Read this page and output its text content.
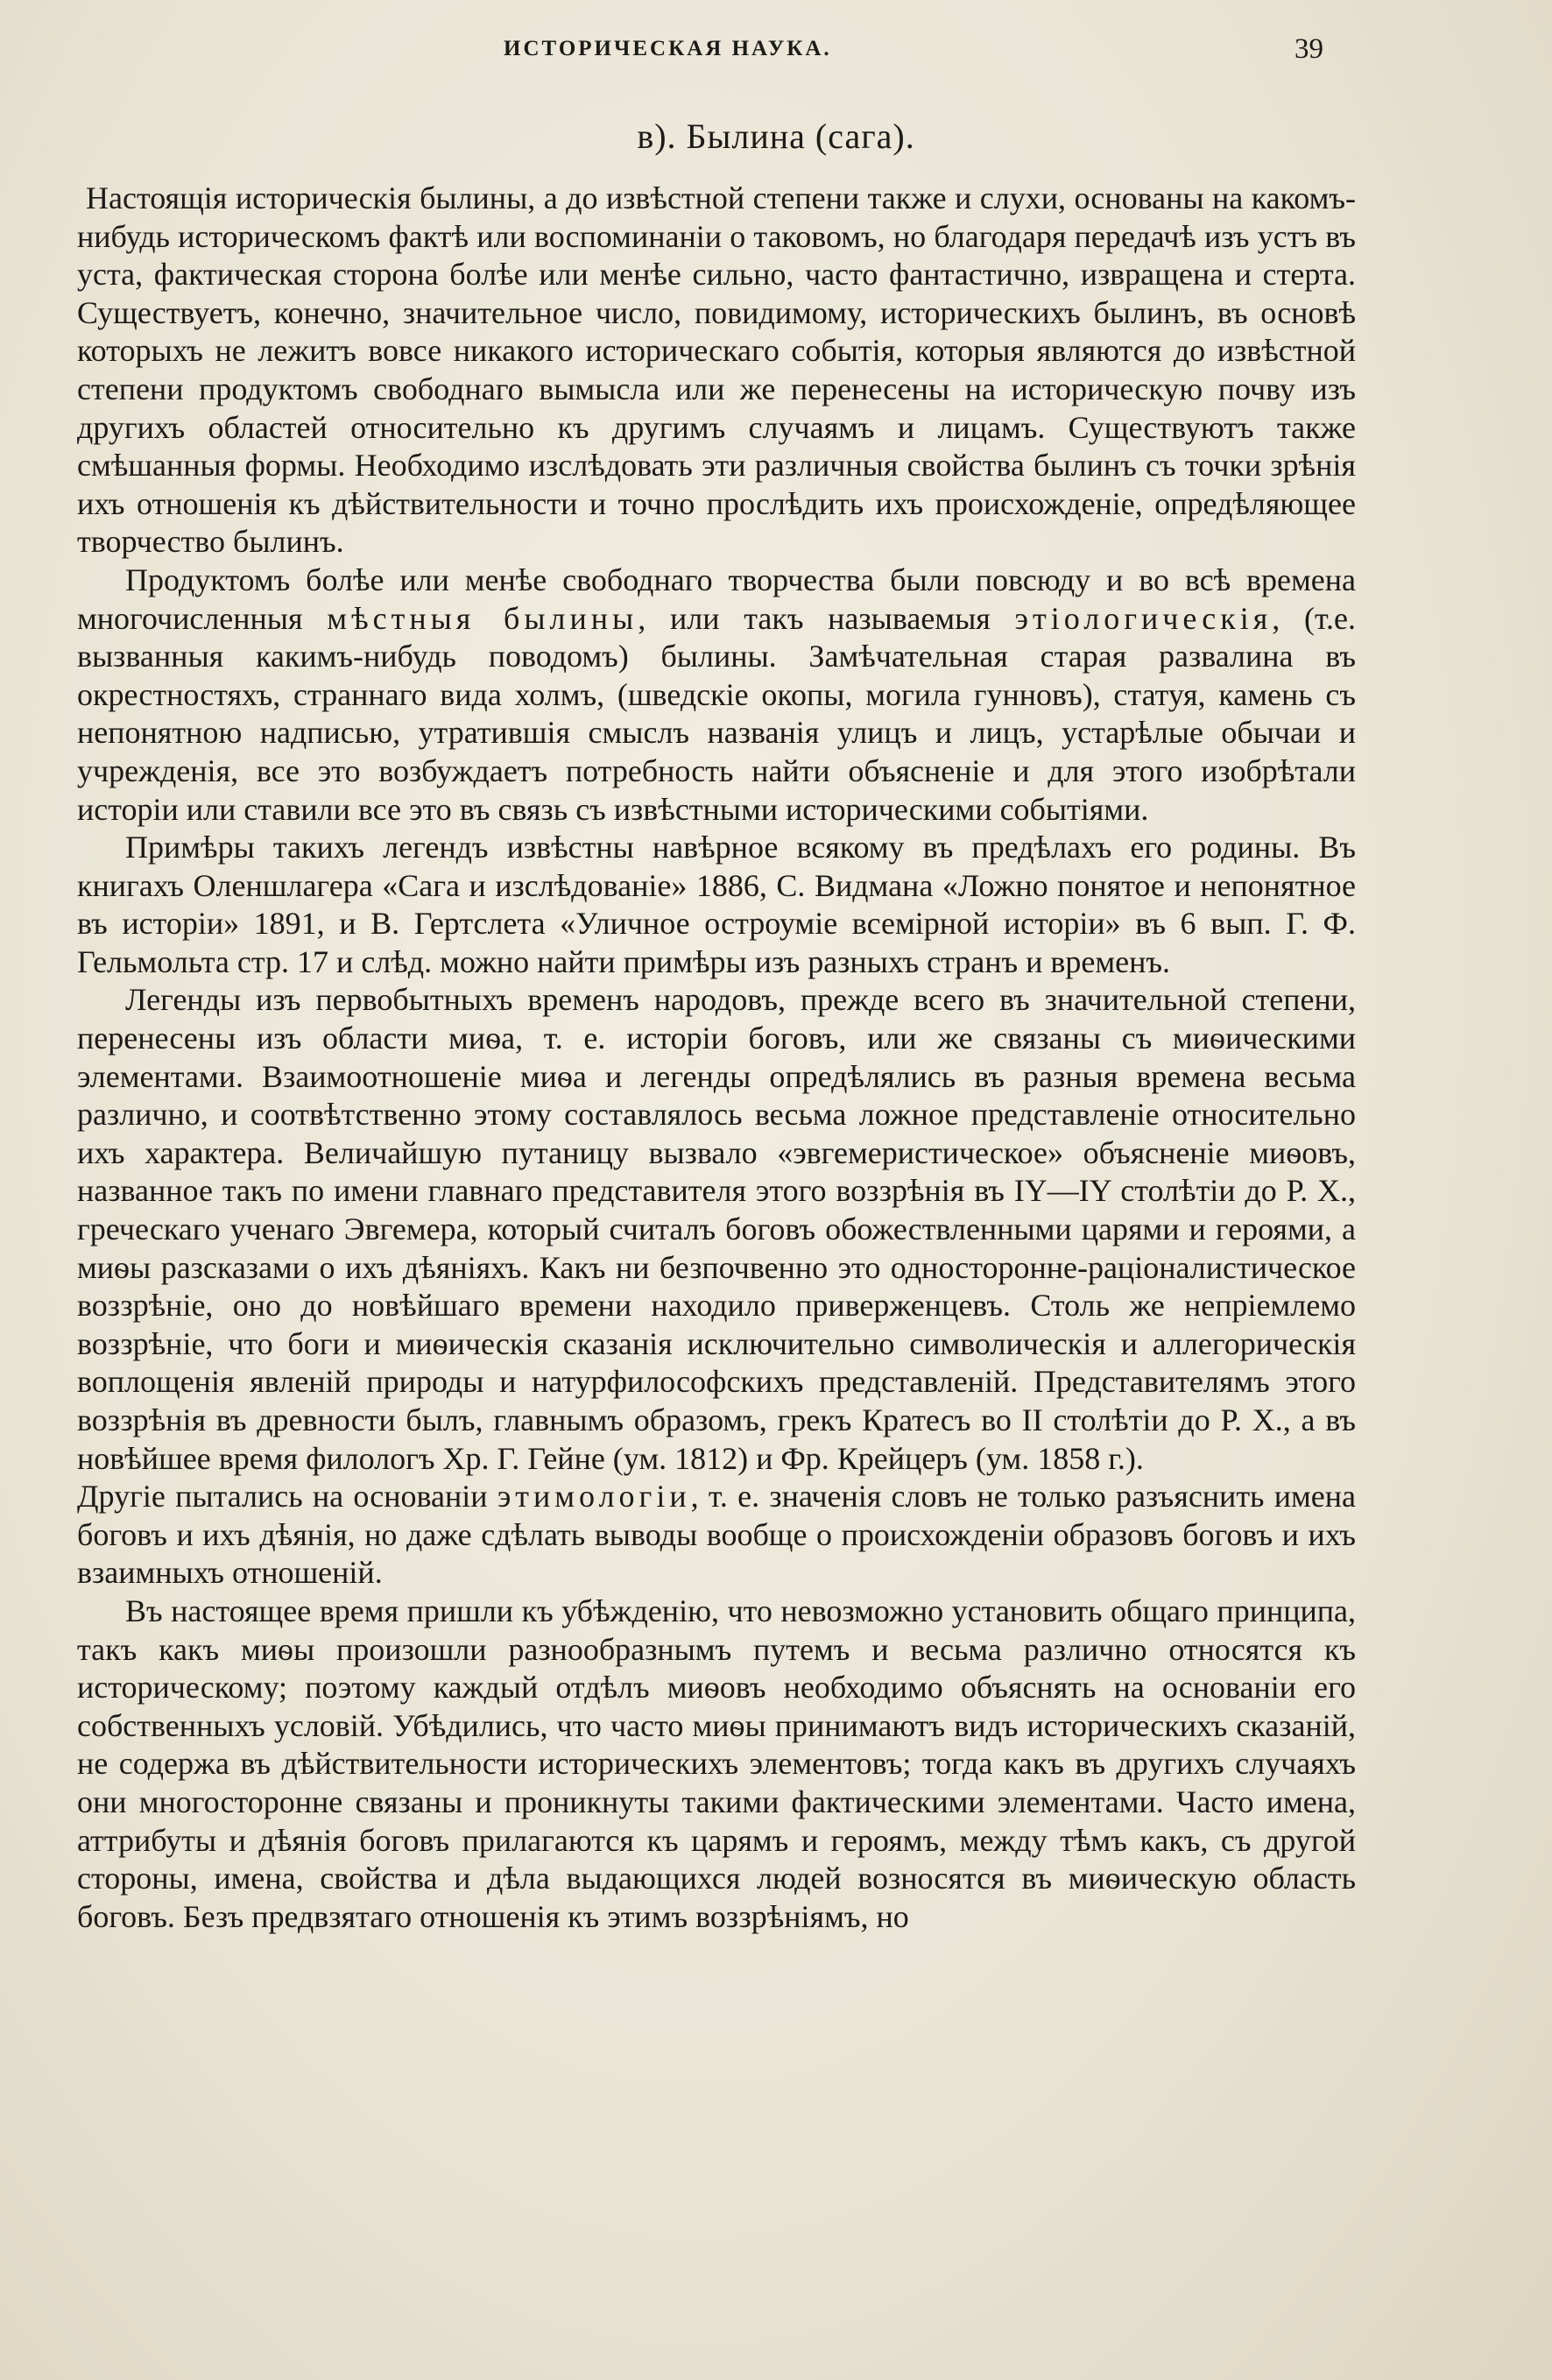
ИСТОРИЧЕСКАЯ НАУКА.	39
в). Былина (сага).

Настоящія историческія былины, а до извѣстной степени также и слухи, основаны на какомъ-нибудь историческомъ фактѣ или воспоминаніи о таковомъ, но благодаря передачѣ изъ устъ въ уста, фактическая сторона болѣе или менѣе сильно, часто фантастично, извращена и стерта. Существуетъ, конечно, значительное число, повидимому, историческихъ былинъ, въ основѣ которыхъ не лежитъ вовсе никакого историческаго событія, которыя являются до извѣстной степени продуктомъ свободнаго вымысла или же перенесены на историческую почву изъ другихъ областей относительно къ другимъ случаямъ и лицамъ. Существуютъ также смѣшанныя формы. Необходимо изслѣдовать эти различныя свойства былинъ съ точки зрѣнія ихъ отношенія къ дѣйствительности и точно прослѣдить ихъ происхожденіе, опредѣляющее творчество былинъ.

Продуктомъ болѣе или менѣе свободнаго творчества были повсюду и во всѣ времена многочисленныя мѣстныя былины, или такъ называемыя этіологическія, (т.е. вызванныя какимъ-нибудь поводомъ) былины. Замѣчательная старая развалина въ окрестностяхъ, страннаго вида холмъ, (шведскіе окопы, могила гунновъ), статуя, камень съ непонятною надписью, утратившія смыслъ названія улицъ и лицъ, устарѣлые обычаи и учрежденія, все это возбуждаетъ потребность найти объясненіе и для этого изобрѣтали исторіи или ставили все это въ связь съ извѣстными историческими событіями.

Примѣры такихъ легендъ извѣстны навѣрное всякому въ предѣлахъ его родины. Въ книгахъ Оленшлагера «Сага и изслѣдованіе» 1886, С. Видмана «Ложно понятое и непонятное въ исторіи» 1891, и В. Гертслета «Уличное остроуміе всемірной исторіи» въ 6 вып. Г. Ф. Гельмольта стр. 17 и слѣд. можно найти примѣры изъ разныхъ странъ и временъ.

Легенды изъ первобытныхъ временъ народовъ, прежде всего въ значительной степени, перенесены изъ области миѳа, т. е. исторіи боговъ, или же связаны съ миѳическими элементами. Взаимоотношеніе миѳа и легенды опредѣлялись въ разныя времена весьма различно, и соотвѣтственно этому составлялось весьма ложное представленіе относительно ихъ характера. Величайшую путаницу вызвало «эвгемеристическое» объясненіе миѳовъ, названное такъ по имени главнаго представителя этого воззрѣнія въ IY—IY столѣтіи до Р. Х., греческаго ученаго Эвгемера, который считалъ боговъ обожествленными царями и героями, а миѳы разсказами о ихъ дѣяніяхъ. Какъ ни безпочвенно это односторонне-раціоналистическое воззрѣніе, оно до новѣйшаго времени находило приверженцевъ. Столь же непріемлемо воззрѣніе, что боги и миѳическія сказанія исключительно символическія и аллегорическія воплощенія явленій природы и натурфилософскихъ представленій. Представителямъ этого воззрѣнія въ древности былъ, главнымъ образомъ, грекъ Кратесъ во II столѣтіи до Р. Х., а въ новѣйшее время филологъ Хр. Г. Гейне (ум. 1812) и Фр. Крейцеръ (ум. 1858 г.).

Другіе пытались на основаніи этимологіи, т. е. значенія словъ не только разъяснить имена боговъ и ихъ дѣянія, но даже сдѣлать выводы вообще о происхожденіи образовъ боговъ и ихъ взаимныхъ отношеній.

Въ настоящее время пришли къ убѣжденію, что невозможно установить общаго принципа, такъ какъ миѳы произошли разнообразнымъ путемъ и весьма различно относятся къ историческому; поэтому каждый отдѣлъ миѳовъ необходимо объяснять на основаніи его собственныхъ условій. Убѣдились, что часто миѳы принимаютъ видъ историческихъ сказаній, не содержа въ дѣйствительности историческихъ элементовъ; тогда какъ въ другихъ случаяхъ они многосторонне связаны и проникнуты такими фактическими элементами. Часто имена, аттрибуты и дѣянія боговъ прилагаются къ царямъ и героямъ, между тѣмъ какъ, съ другой стороны, имена, свойства и дѣла выдающихся людей возносятся въ миѳическую область боговъ. Безъ предвзятаго отношенія къ этимъ воззрѣніямъ, но
